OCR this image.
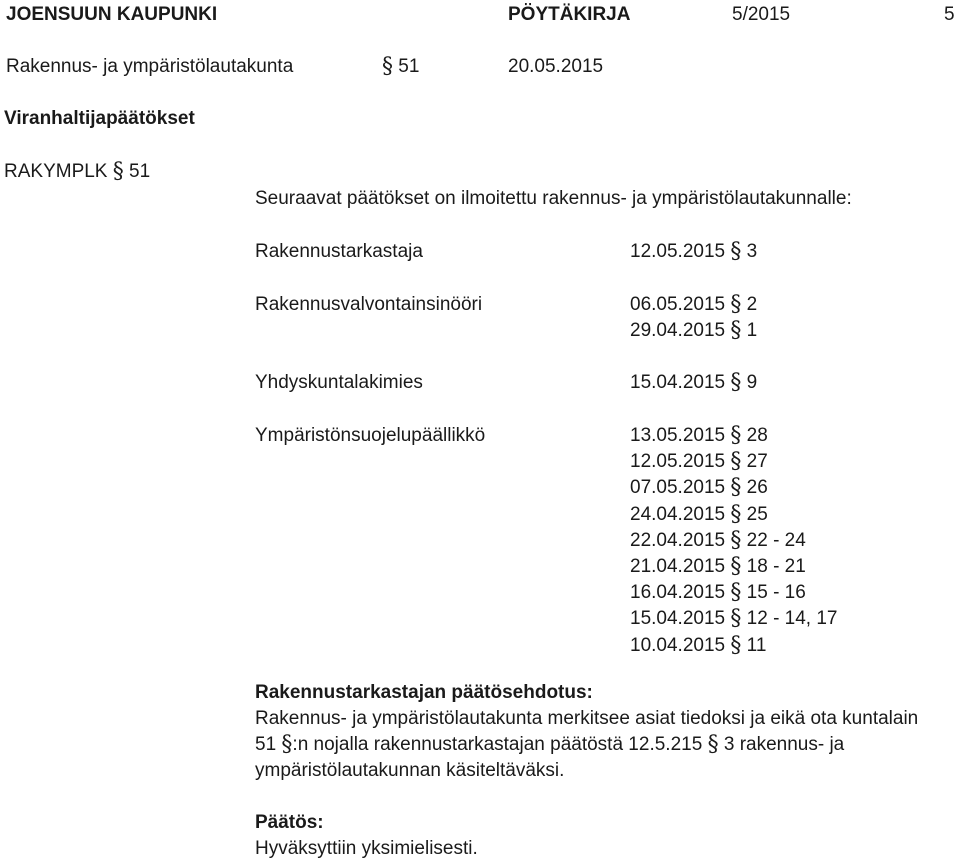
JOENSUUN KAUPUNKI	PÖYTÄKIRJA	5/2015	5
Rakennus- ja ympäristölautakunta	§ 51	20.05.2015
Viranhaltijapäätökset
RAKYMPLK § 51
Seuraavat päätökset on ilmoitettu rakennus- ja ympäristölautakunnalle:
Rakennustarkastaja	12.05.2015 § 3
Rakennusvalvontainsinööri	06.05.2015 § 2
29.04.2015 § 1
Yhdyskuntalakimies	15.04.2015 § 9
Ympäristönsuojelupäällikkö	13.05.2015 § 28
12.05.2015 § 27
07.05.2015 § 26
24.04.2015 § 25
22.04.2015 § 22 - 24
21.04.2015 § 18 - 21
16.04.2015 § 15 - 16
15.04.2015 § 12 - 14, 17
10.04.2015 § 11
Rakennustarkastajan päätösehdotus:
Rakennus- ja ympäristölautakunta merkitsee asiat tiedoksi ja eikä ota kuntalain
51 §:n nojalla rakennustarkastajan päätöstä 12.5.215 § 3 rakennus- ja
ympäristölautakunnan käsiteltäväksi.
Päätös:
Hyväksyttiin yksimielisesti.
